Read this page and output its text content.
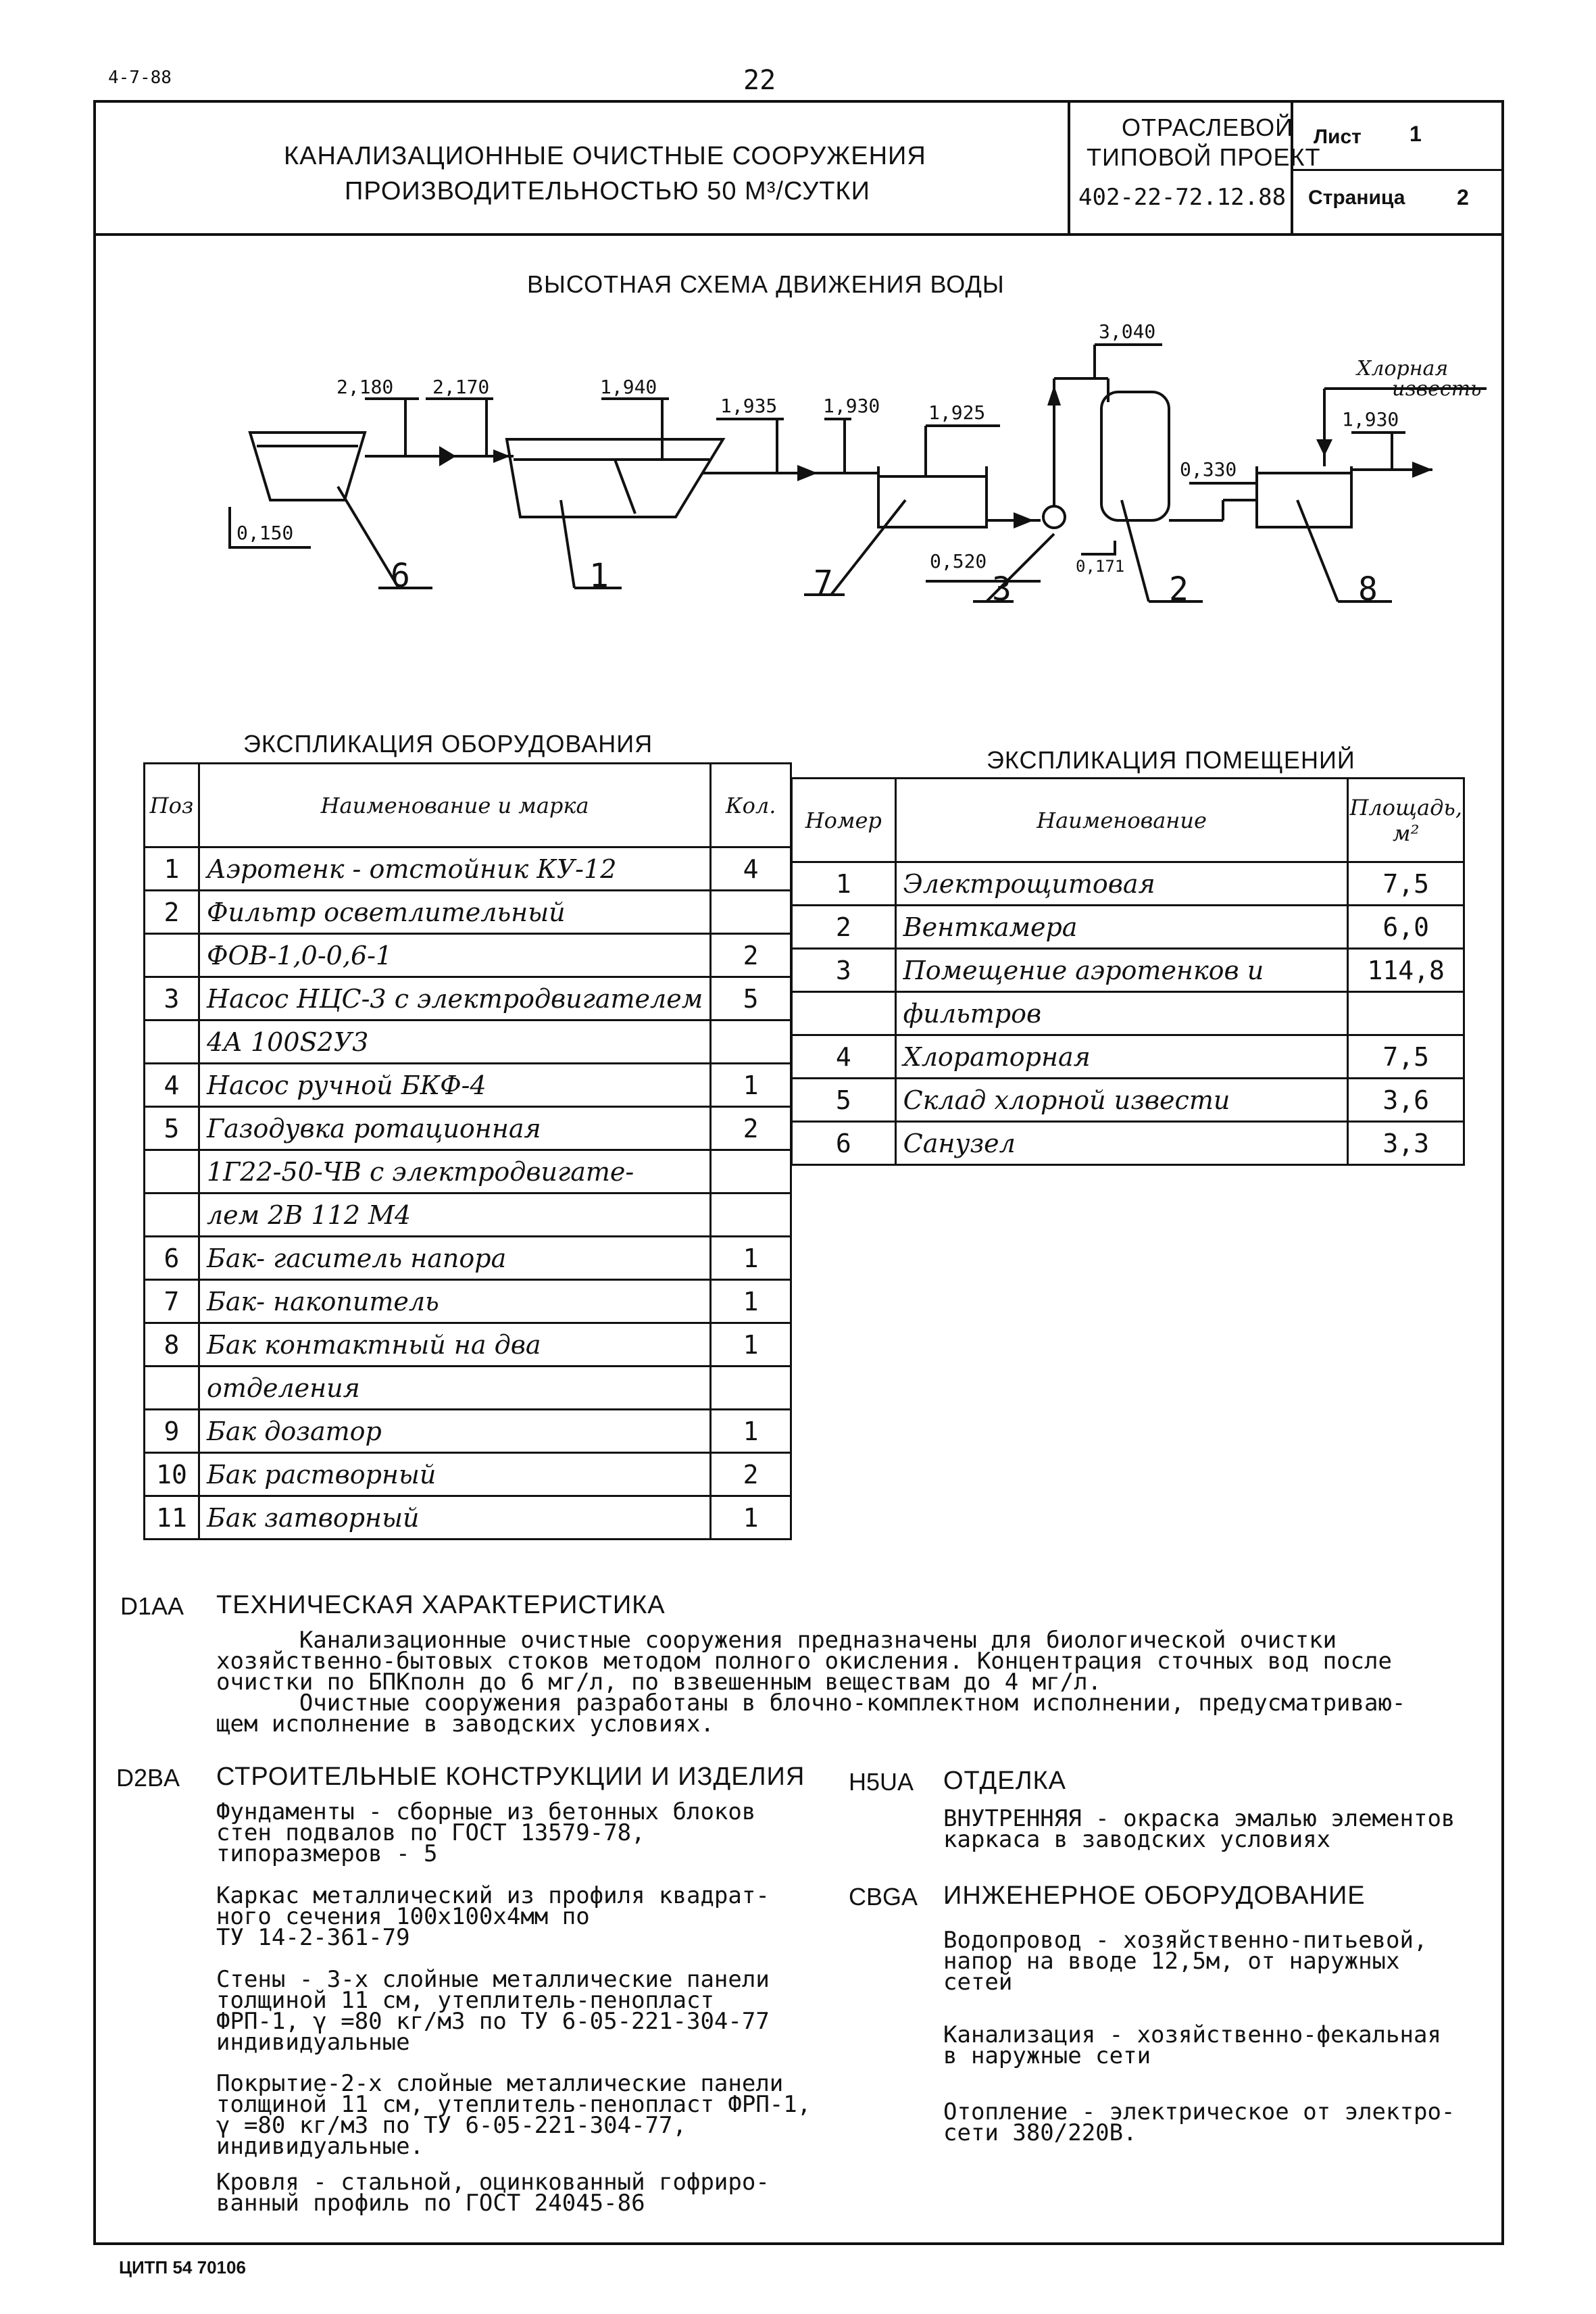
4-7-88	22
КАНАЛИЗАЦИОННЫЕ ОЧИСТНЫЕ СООРУЖЕНИЯ
ПРОИЗВОДИТЕЛЬНОСТЬЮ 50 М³/СУТКИ
ОТРАСЛЕВОЙ
ТИПОВОЙ ПРОЕКТ
402-22-72.12.88
Лист 1
Страница 2
ВЫСОТНАЯ СХЕМА ДВИЖЕНИЯ ВОДЫ
2,180 2,170	1,940
1,935 1,930	1,925
3,040
0,330
1,930
0,150
0,520	0,171
Хлорная
известь
6	1	7	3	2	8
ЭКСПЛИКАЦИЯ ОБОРУДОВАНИЯ
Поз	Наименование и марка	Кол.
1	Аэротенк - отстойник КУ-12	4
2	Фильтр осветлительный	
	ФОВ-1,0-0,6-1	2
3	Насос НЦС-3 с электродвигателем	5
	4А 100S2У3	
4	Насос ручной БКФ-4	1
5	Газодувка ротационная	2
	1Г22-50-ЧВ с электродвигате-	
	лем 2В 112 М4	
6	Бак- гаситель напора	1
7	Бак- накопитель	1
8	Бак контактный на два	1
	отделения	
9	Бак дозатор	1
10	Бак растворный	2
11	Бак затворный	1
ЭКСПЛИКАЦИЯ ПОМЕЩЕНИЙ
Номер	Наименование	Площадь, м²
1	Электрощитовая	7,5
2	Венткамера	6,0
3	Помещение аэротенков и	114,8
	фильтров	
4	Хлораторная	7,5
5	Склад хлорной извести	3,6
6	Санузел	3,3
D1AA ТЕХНИЧЕСКАЯ ХАРАКТЕРИСТИКА
Канализационные очистные сооружения предназначены для биологической очистки
хозяйственно-бытовых стоков методом полного окисления. Концентрация сточных вод после
очистки по БПКполн до 6 мг/л, по взвешенным веществам до 4 мг/л.
Очистные сооружения разработаны в блочно-комплектном исполнении, предусматриваю-
щем исполнение в заводских условиях.
D2BA СТРОИТЕЛЬНЫЕ КОНСТРУКЦИИ И ИЗДЕЛИЯ
Фундаменты - сборные из бетонных блоков
стен подвалов по ГОСТ 13579-78,
типоразмеров - 5
Каркас металлический из профиля квадрат-
ного сечения 100х100х4мм по
ТУ 14-2-361-79
Стены - 3-х слойные металлические панели
толщиной 11 см, утеплитель-пенопласт
ФРП-1, γ =80 кг/м3 по ТУ 6-05-221-304-77
индивидуальные
Покрытие-2-х слойные металлические панели
толщиной 11 см, утеплитель-пенопласт ФРП-1,
γ =80 кг/м3 по ТУ 6-05-221-304-77,
индивидуальные.
Кровля - стальной, оцинкованный гофриро-
ванный профиль по ГОСТ 24045-86
H5UA ОТДЕЛКА
ВНУТРЕННЯЯ - окраска эмалью элементов
каркаса в заводских условиях
CBGA ИНЖЕНЕРНОЕ ОБОРУДОВАНИЕ
Водопровод - хозяйственно-питьевой,
напор на вводе 12,5м, от наружных
сетей
Канализация - хозяйственно-фекальная
в наружные сети
Отопление - электрическое от электро-
сети 380/220В.
ЦИТП 54 70106
